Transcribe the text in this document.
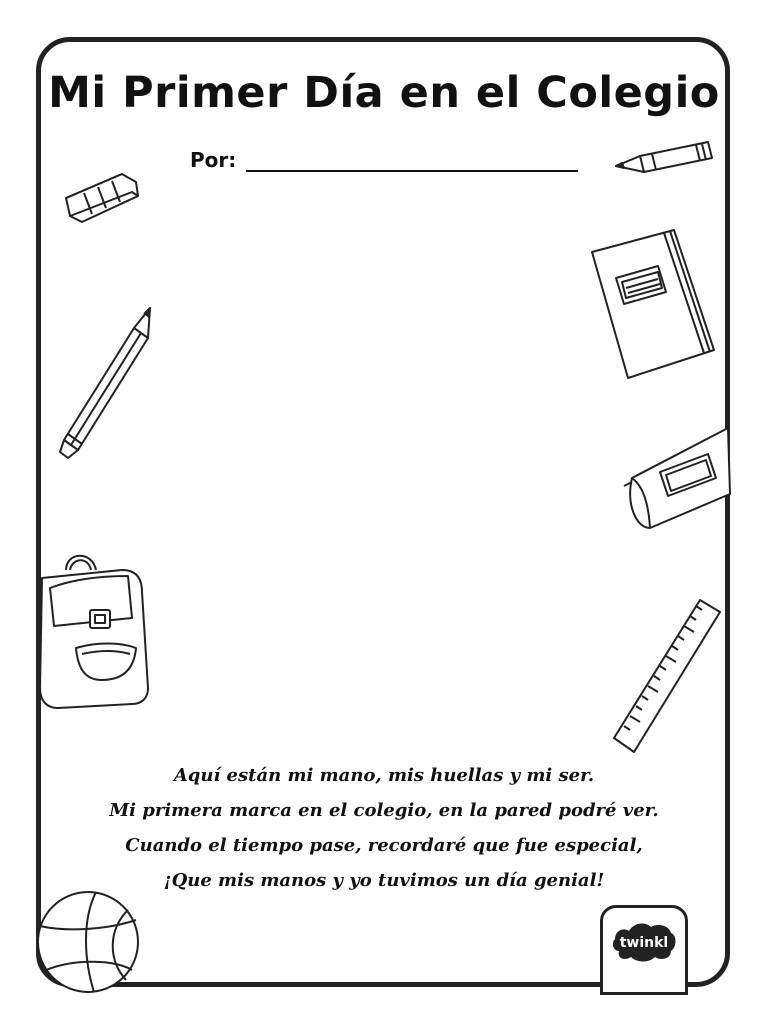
Mi Primer Día en el Colegio
Por:
Aquí están mi mano, mis huellas y mi ser.
Mi primera marca en el colegio, en la pared podré ver.
Cuando el tiempo pase, recordaré que fue especial,
¡Que mis manos y yo tuvimos un día genial!
twinkl
